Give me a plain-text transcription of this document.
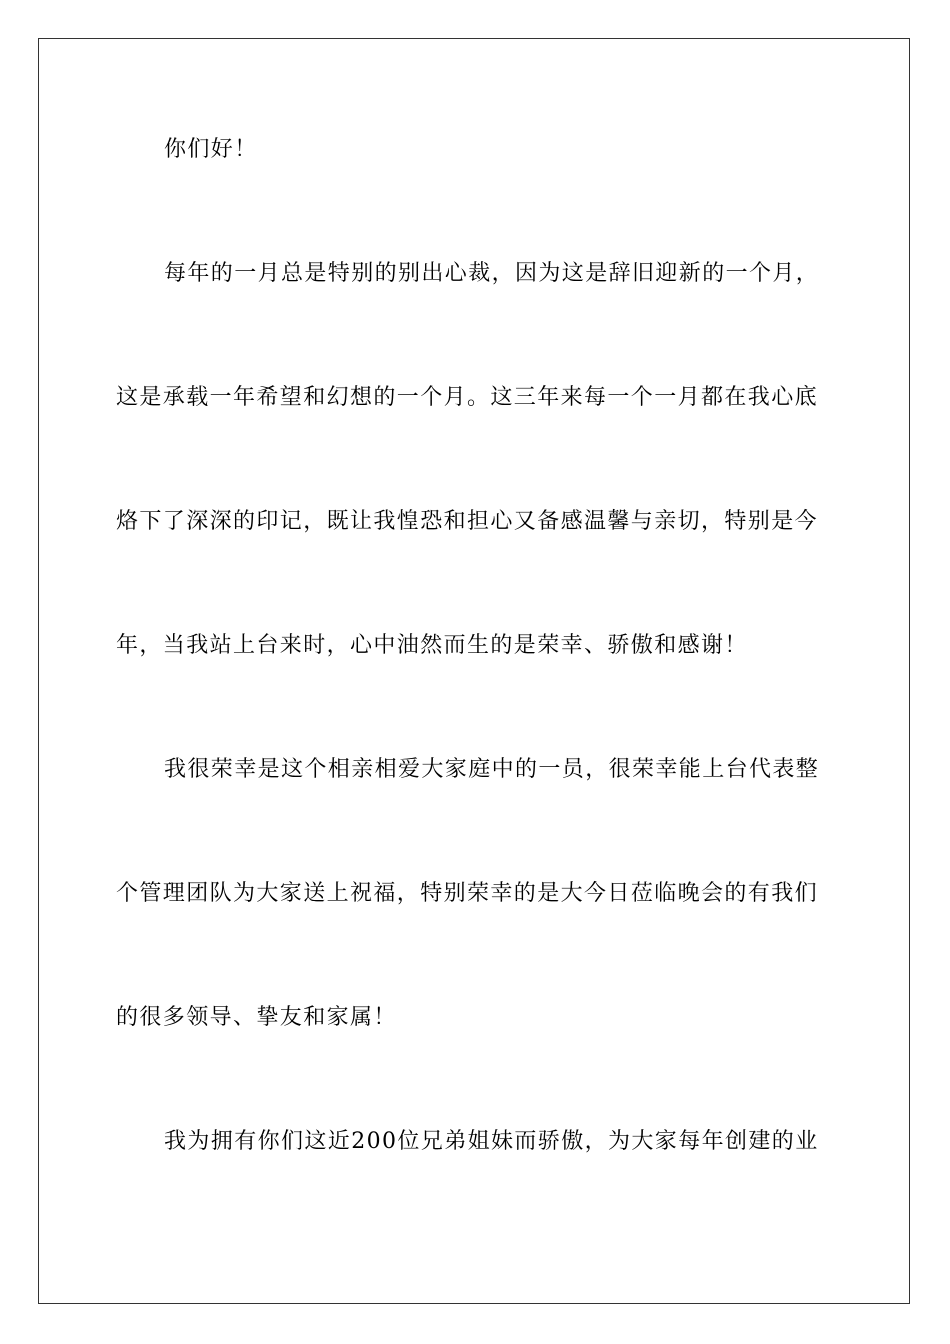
你们好！
每年的一月总是特别的别出心裁，因为这是辞旧迎新的一个月，
这是承载一年希望和幻想的一个月。这三年来每一个一月都在我心底
烙下了深深的印记，既让我惶恐和担心又备感温馨与亲切，特别是今
年，当我站上台来时，心中油然而生的是荣幸、骄傲和感谢！
我很荣幸是这个相亲相爱大家庭中的一员，很荣幸能上台代表整
个管理团队为大家送上祝福，特别荣幸的是大今日莅临晚会的有我们
的很多领导、挚友和家属！
我为拥有你们这近200位兄弟姐妹而骄傲，为大家每年创建的业
